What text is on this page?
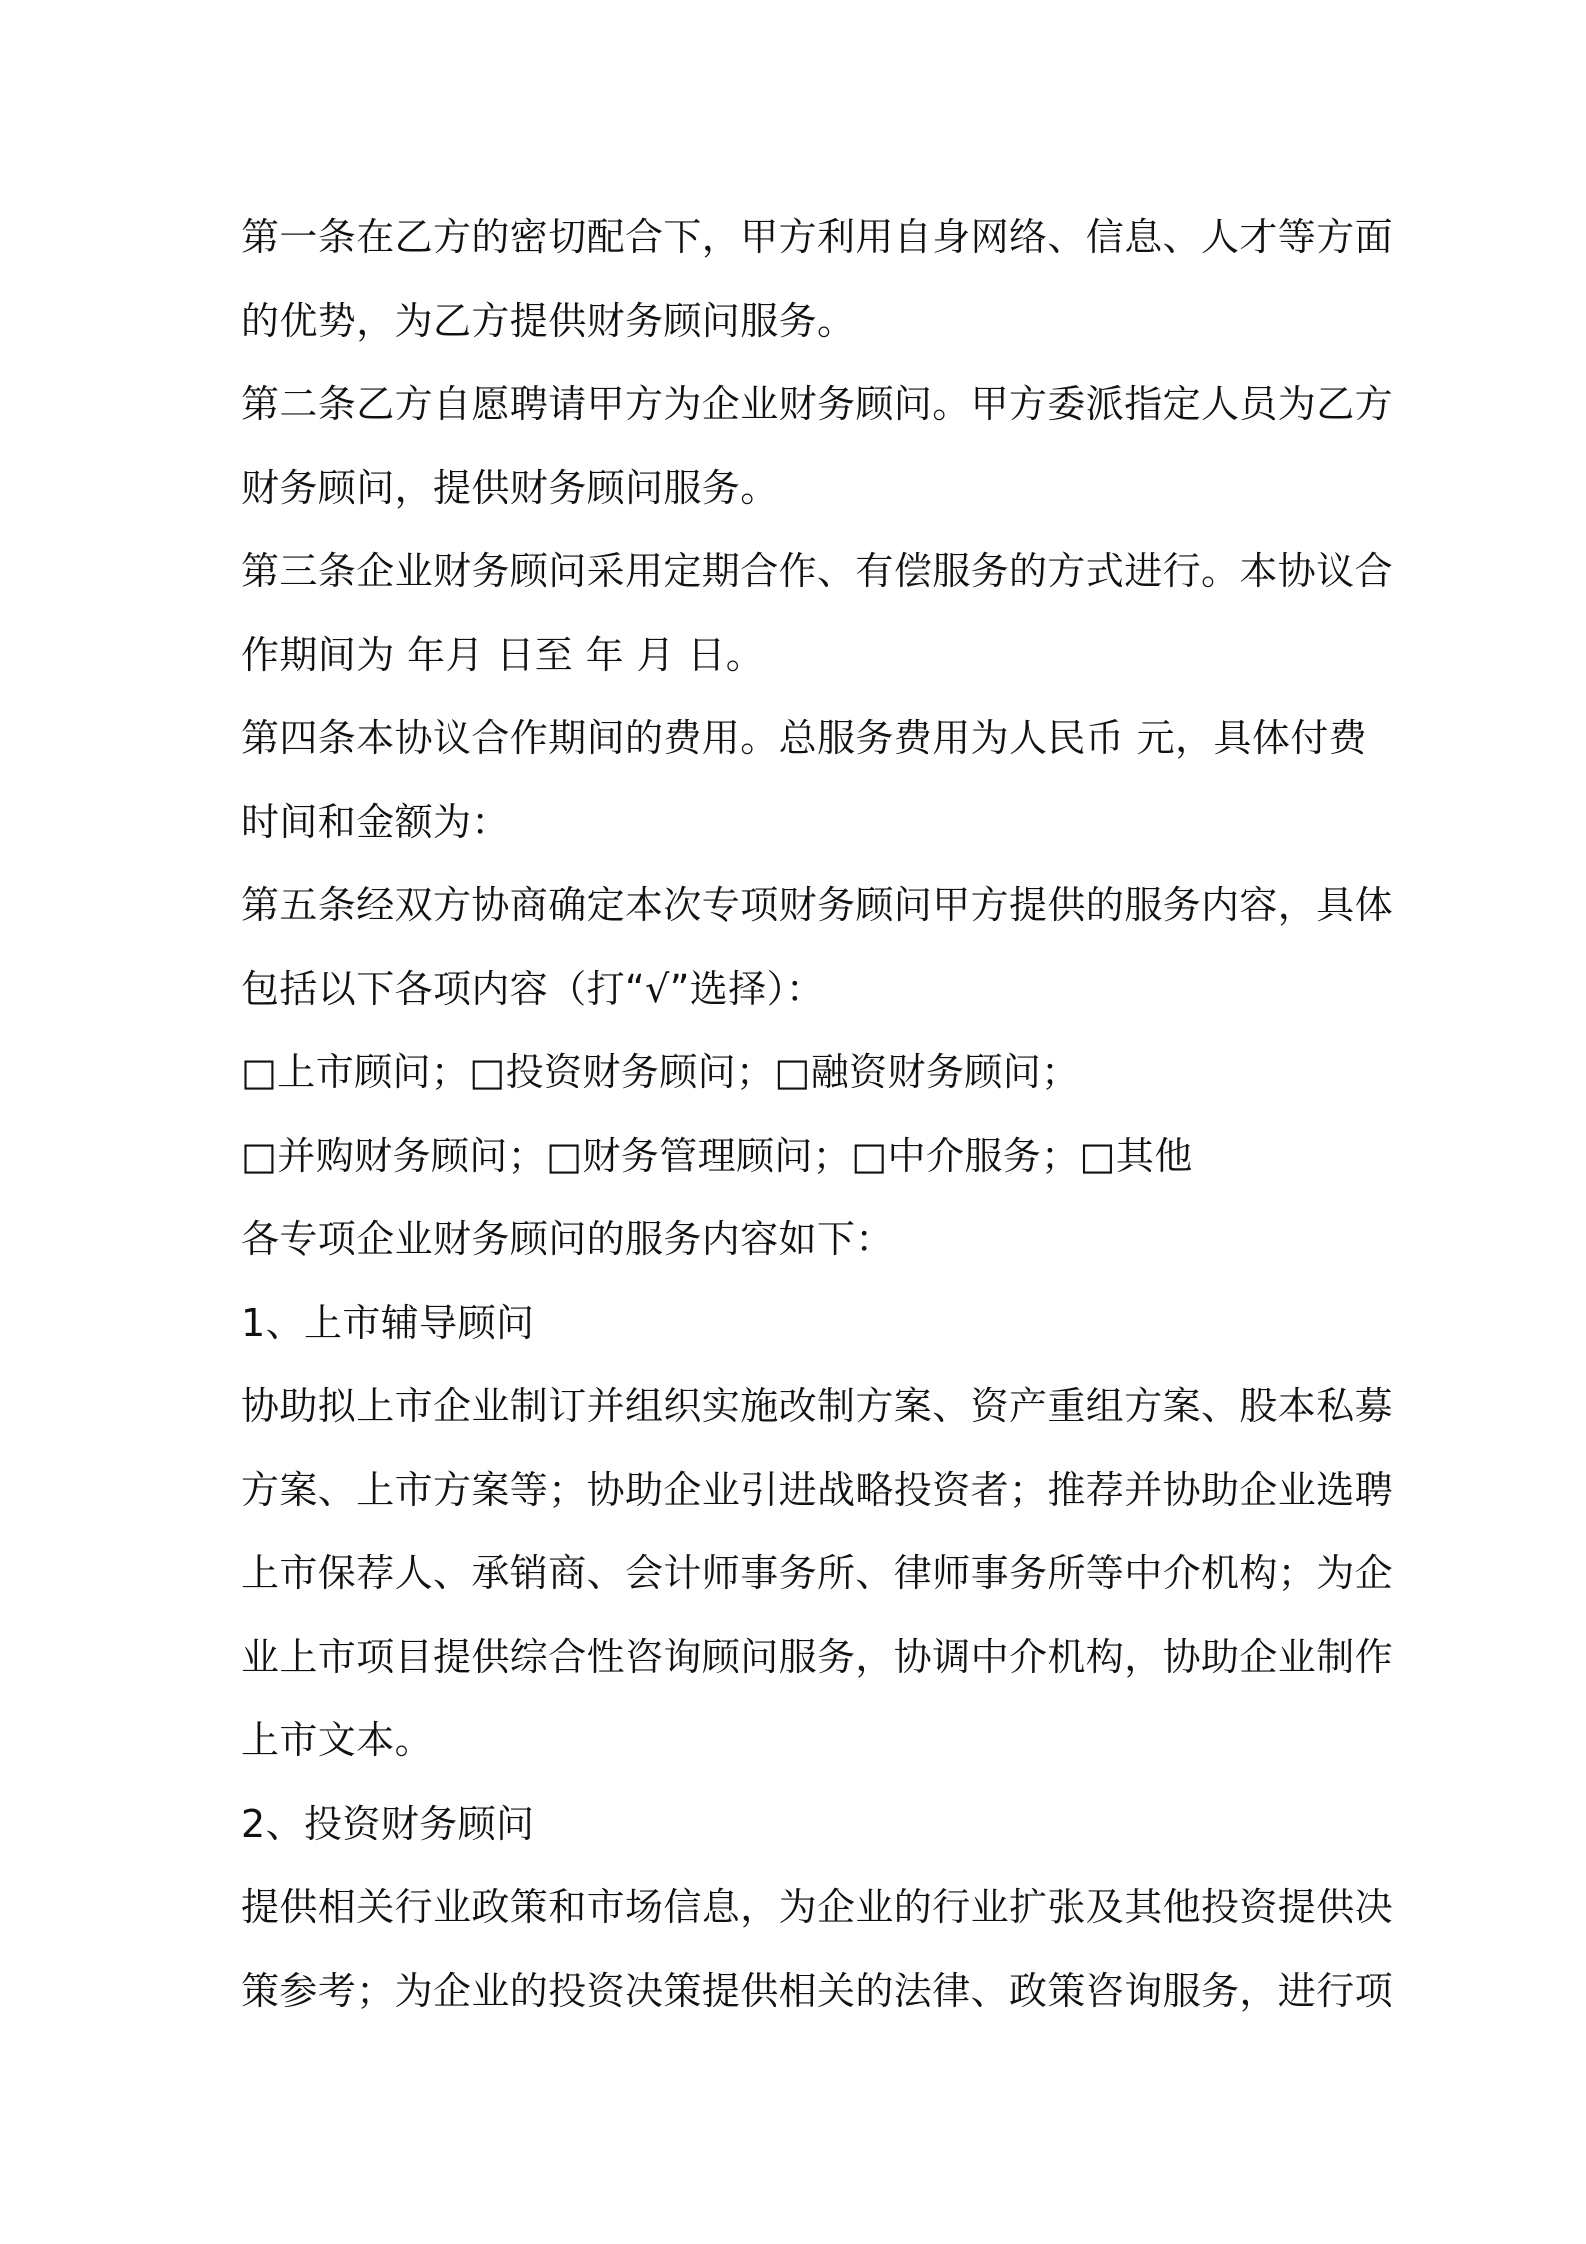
第一条在乙方的密切配合下，甲方利用自身网络、信息、人才等方面
的优势，为乙方提供财务顾问服务。
第二条乙方自愿聘请甲方为企业财务顾问。甲方委派指定人员为乙方
财务顾问，提供财务顾问服务。
第三条企业财务顾问采用定期合作、有偿服务的方式进行。本协议合
作期间为 年月 日至 年 月 日。
第四条本协议合作期间的费用。总服务费用为人民币 元，具体付费
时间和金额为：
第五条经双方协商确定本次专项财务顾问甲方提供的服务内容，具体
包括以下各项内容（打“√”选择）：
□上市顾问；□投资财务顾问；□融资财务顾问；
□并购财务顾问；□财务管理顾问；□中介服务；□其他
各专项企业财务顾问的服务内容如下：
1、上市辅导顾问
协助拟上市企业制订并组织实施改制方案、资产重组方案、股本私募
方案、上市方案等；协助企业引进战略投资者；推荐并协助企业选聘
上市保荐人、承销商、会计师事务所、律师事务所等中介机构；为企
业上市项目提供综合性咨询顾问服务，协调中介机构，协助企业制作
上市文本。
2、投资财务顾问
提供相关行业政策和市场信息，为企业的行业扩张及其他投资提供决
策参考；为企业的投资决策提供相关的法律、政策咨询服务，进行项
